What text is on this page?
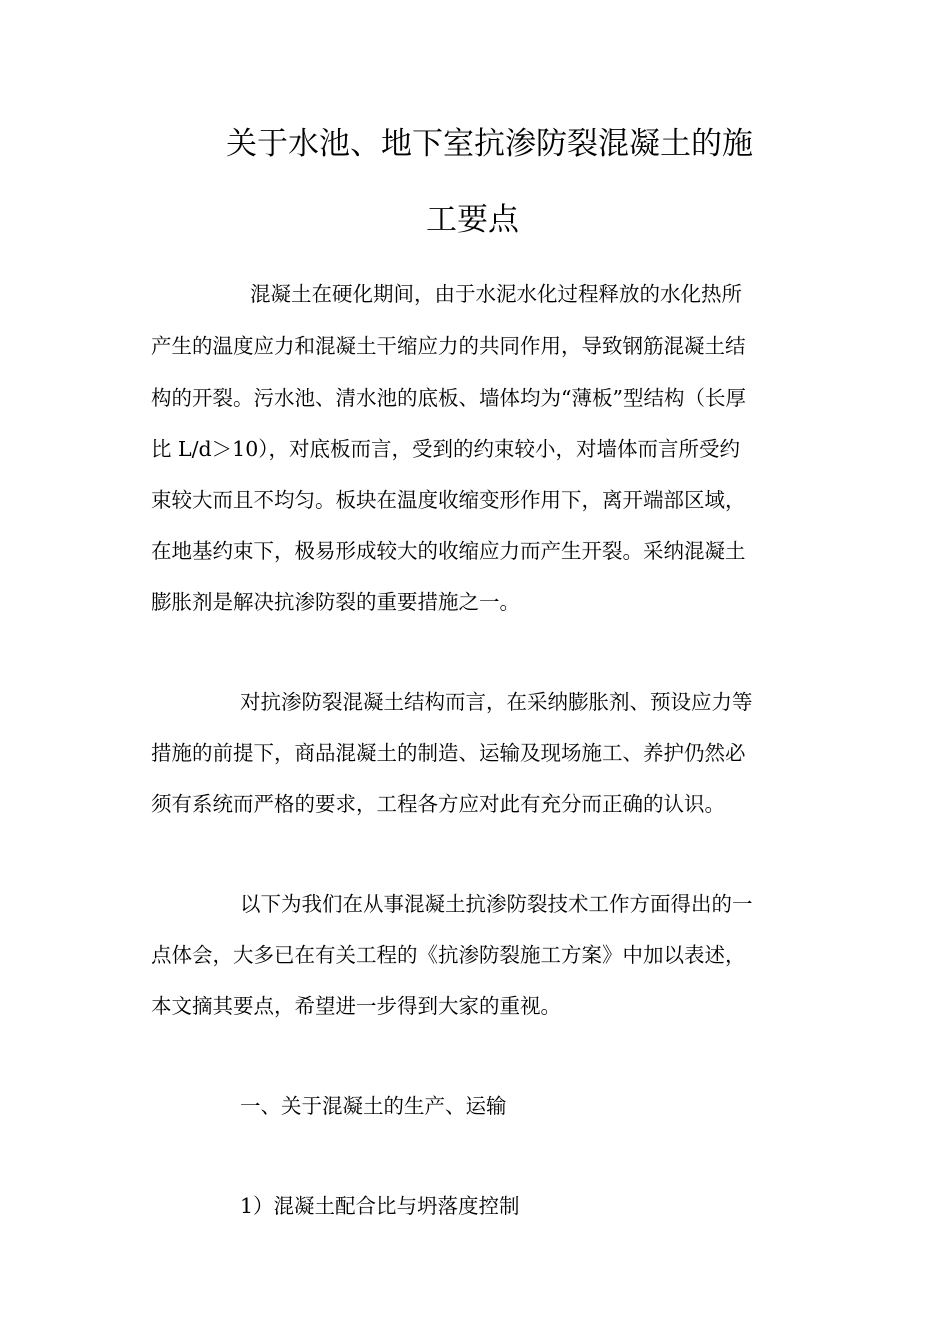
关于水池、地下室抗渗防裂混凝土的施
工要点
混凝土在硬化期间，由于水泥水化过程释放的水化热所
产生的温度应力和混凝土干缩应力的共同作用，导致钢筋混凝土结
构的开裂。污水池、清水池的底板、墙体均为“薄板”型结构（长厚
比 L/d＞10），对底板而言，受到的约束较小，对墙体而言所受约
束较大而且不均匀。板块在温度收缩变形作用下，离开端部区域，
在地基约束下，极易形成较大的收缩应力而产生开裂。采纳混凝土
膨胀剂是解决抗渗防裂的重要措施之一。
对抗渗防裂混凝土结构而言，在采纳膨胀剂、预设应力等
措施的前提下，商品混凝土的制造、运输及现场施工、养护仍然必
须有系统而严格的要求，工程各方应对此有充分而正确的认识。
以下为我们在从事混凝土抗渗防裂技术工作方面得出的一
点体会，大多已在有关工程的《抗渗防裂施工方案》中加以表述，
本文摘其要点，希望进一步得到大家的重视。
一、关于混凝土的生产、运输
1）混凝土配合比与坍落度控制
